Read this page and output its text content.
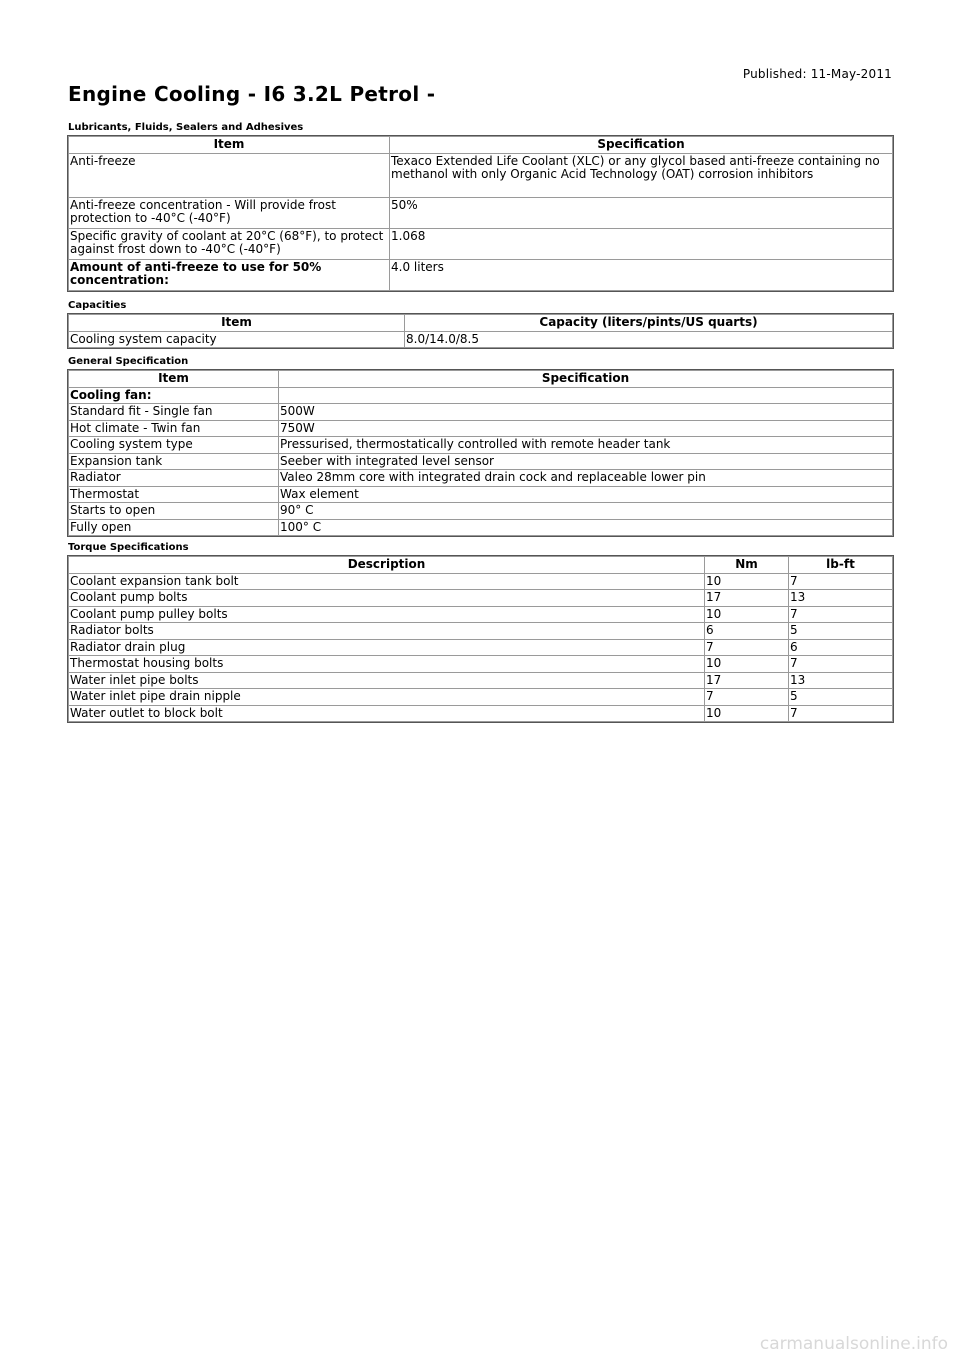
Published: 11-May-2011
Engine Cooling - I6 3.2L Petrol -
Lubricants, Fluids, Sealers and Adhesives
Item	Specification
Anti-freeze	Texaco Extended Life Coolant (XLC) or any glycol based anti-freeze containing no methanol with only Organic Acid Technology (OAT) corrosion inhibitors
Anti-freeze concentration - Will provide frost protection to -40°C (-40°F)	50%
Specific gravity of coolant at 20°C (68°F), to protect against frost down to -40°C (-40°F)	1.068
Amount of anti-freeze to use for 50% concentration:	4.0 liters
Capacities
Item	Capacity (liters/pints/US quarts)
Cooling system capacity	8.0/14.0/8.5
General Specification
Item	Specification
Cooling fan:	
Standard fit - Single fan	500W
Hot climate - Twin fan	750W
Cooling system type	Pressurised, thermostatically controlled with remote header tank
Expansion tank	Seeber with integrated level sensor
Radiator	Valeo 28mm core with integrated drain cock and replaceable lower pin
Thermostat	Wax element
Starts to open	90° C
Fully open	100° C
Torque Specifications
Description	Nm	lb-ft
Coolant expansion tank bolt	10	7
Coolant pump bolts	17	13
Coolant pump pulley bolts	10	7
Radiator bolts	6	5
Radiator drain plug	7	6
Thermostat housing bolts	10	7
Water inlet pipe bolts	17	13
Water inlet pipe drain nipple	7	5
Water outlet to block bolt	10	7
carmanualsonline.info
